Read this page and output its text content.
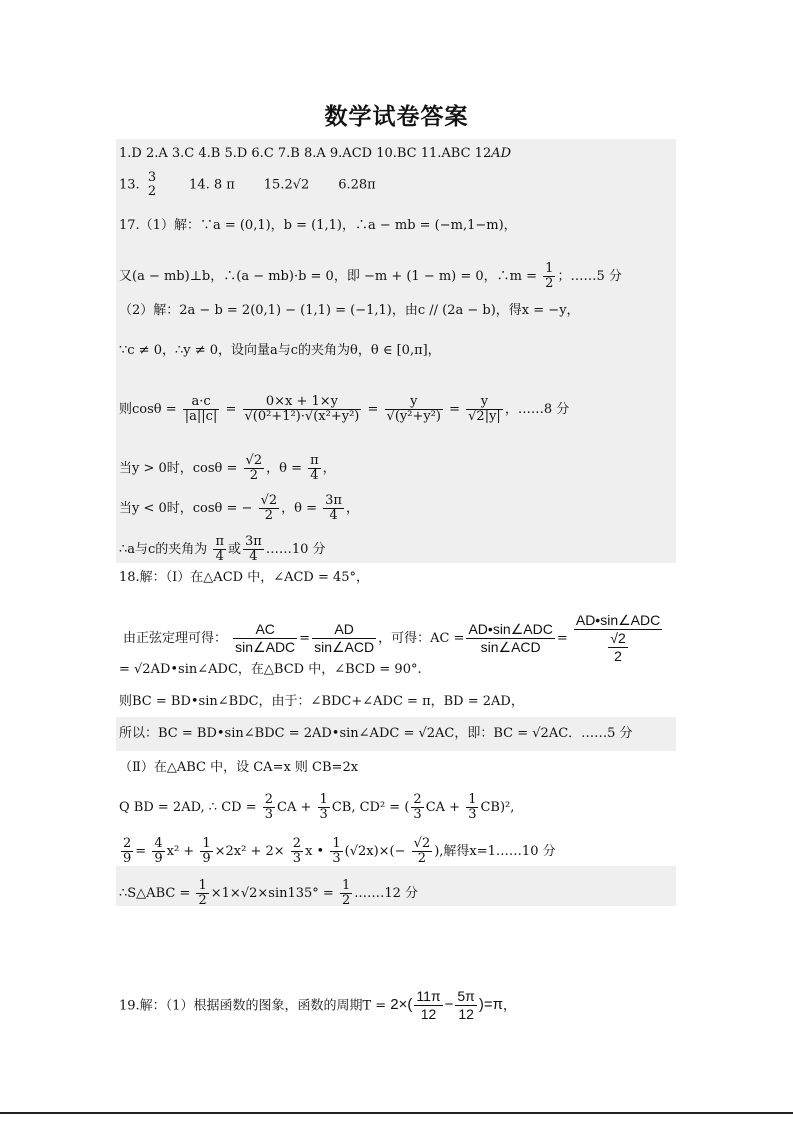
数学试卷答案
1.D 2.A 3.C 4.B 5.D 6.C 7.B 8.A 9.ACD 10.BC 11.ABC 12AD
13. 3
2	14. 8 π 15.2√2 6.28π
17.（1）解：∵a = (0,1)，b = (1,1)，∴a − mb = (−m,1−m)，
又(a − mb)⊥b，∴(a − mb)·b = 0，即 −m + (1 − m) = 0，∴m = $\frac{1}{2}$ ；……5 分
（2）解：2a − b = 2(0,1) − (1,1) = (−1,1)，由c // (2a − b)，得x = −y，
∵c ≠ 0，∴y ≠ 0，设向量a与c的夹角为θ，θ ∈ [0,π]，
则$\cos\theta = \frac{a\cdot c}{|a||c|} = \frac{0\times x + 1\times y}{\text{√(0²+1²)·√(x²+y²)}} = \frac{y}{\text{√(y²+y²)}} = \frac{y}{√2|y|}$ ，……8 分
当y > 0时，$\cos\theta = \frac{√2}{2}$ ，$\theta = \frac{\pi}{4}$ ，
当y < 0时，cosθ = − $\frac{√2}{2}$ ，$\theta = \frac{3\pi}{4}$ ，
∴a与c的夹角为 $\frac{\pi}{4}$ 或 $\frac{3\pi}{4}$ ……10 分
18.解：（Ⅰ）在△ACD 中，∠ACD = 45°，
由正弦定理可得： $\frac{AC}{\text{sin∠ADC}} = \frac{AD}{\text{sin∠ACD}}$ ，可得：AC = $\frac{\text{AD•sin∠ADC}}{\text{sin∠ACD}} = \frac{\text{AD•sin∠ADC}}{\frac{√2}{2}}$
= √2AD•sin∠ADC，在△BCD 中，∠BCD = 90°.
则BC = BD•sin∠BDC，由于：∠BDC+∠ADC = π，BD = 2AD，
所以：BC = BD•sin∠BDC = 2AD•sin∠ADC = √2AC，即：BC = √2AC．……5 分
（Ⅱ）在△ABC 中，设 CA=x 则 CB=2x
Q BD = 2AD, ∴ CD = $\frac{2}{3}$ CA + $\frac{1}{3}$ CB, CD² = ( $\frac{2}{3}$ CA + $\frac{1}{3} CB)^2$,
$\frac{2}{9} = \frac{4}{9} x^2 + \frac{1}{9} \times 2x^2 + 2\times \frac{2}{3}$ x • $\frac{1}{3} (√2x)\times(- \frac{√2}{2}$ ),解得x=1……10 分
∴S△ABC = $\frac{1}{2} \times 1\times√2\times\sin 135^\circ = \frac{1}{2}$ .……12 分
19.解：（1）根据函数的图象，函数的周期$T = 2\times( \frac{11\pi}{12} - \frac{5\pi}{12} )=\pi$，
